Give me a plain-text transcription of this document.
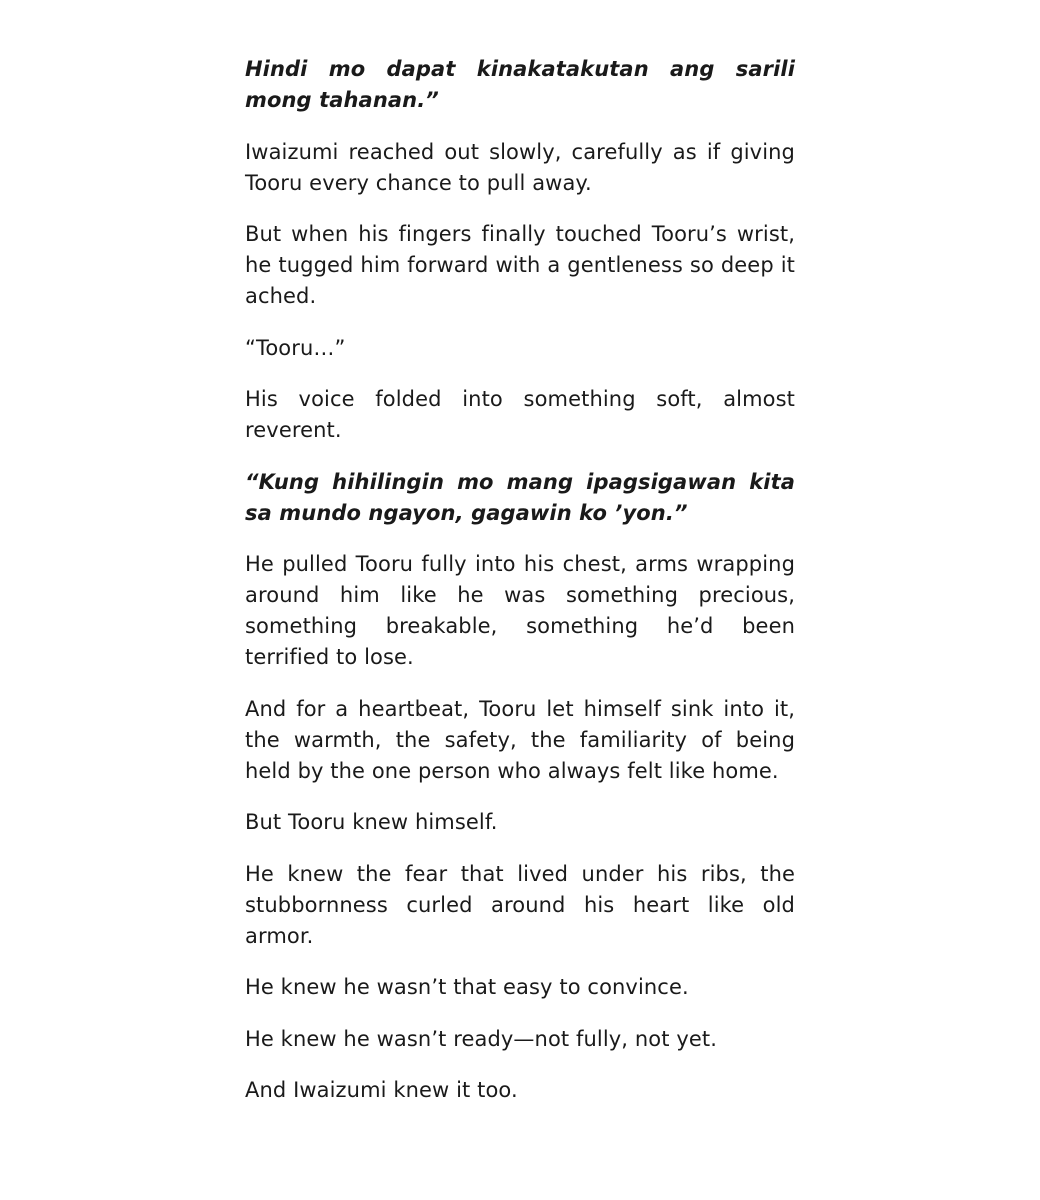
Hindi mo dapat kinakatakutan ang sarili mong tahanan.”

Iwaizumi reached out slowly, carefully as if giving Tooru every chance to pull away.

But when his fingers finally touched Tooru’s wrist, he tugged him forward with a gentleness so deep it ached.

“Tooru…”

His voice folded into something soft, almost reverent.

“Kung hihilingin mo mang ipagsigawan kita sa mundo ngayon, gagawin ko ’yon.”

He pulled Tooru fully into his chest, arms wrapping around him like he was something precious, something breakable, something he’d been terrified to lose.

And for a heartbeat, Tooru let himself sink into it, the warmth, the safety, the familiarity of being held by the one person who always felt like home.

But Tooru knew himself.

He knew the fear that lived under his ribs, the stubbornness curled around his heart like old armor.

He knew he wasn’t that easy to convince.

He knew he wasn’t ready—not fully, not yet.

And Iwaizumi knew it too.
